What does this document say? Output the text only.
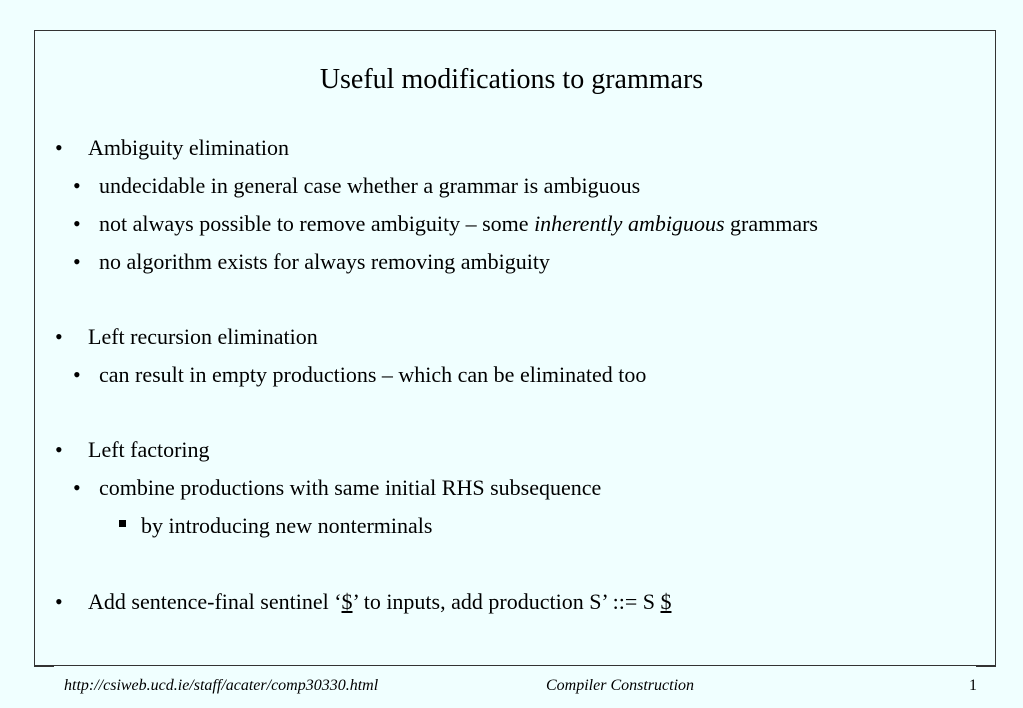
Useful modifications to grammars
• Ambiguity elimination
• undecidable in general case whether a grammar is ambiguous
• not always possible to remove ambiguity – some inherently ambiguous grammars
• no algorithm exists for always removing ambiguity
• Left recursion elimination
• can result in empty productions – which can be eliminated too
• Left factoring
• combine productions with same initial RHS subsequence
by introducing new nonterminals
• Add sentence-final sentinel ‘$’ to inputs, add production S’ ::= S $
http://csiweb.ucd.ie/staff/acater/comp30330.html	Compiler Construction	1
